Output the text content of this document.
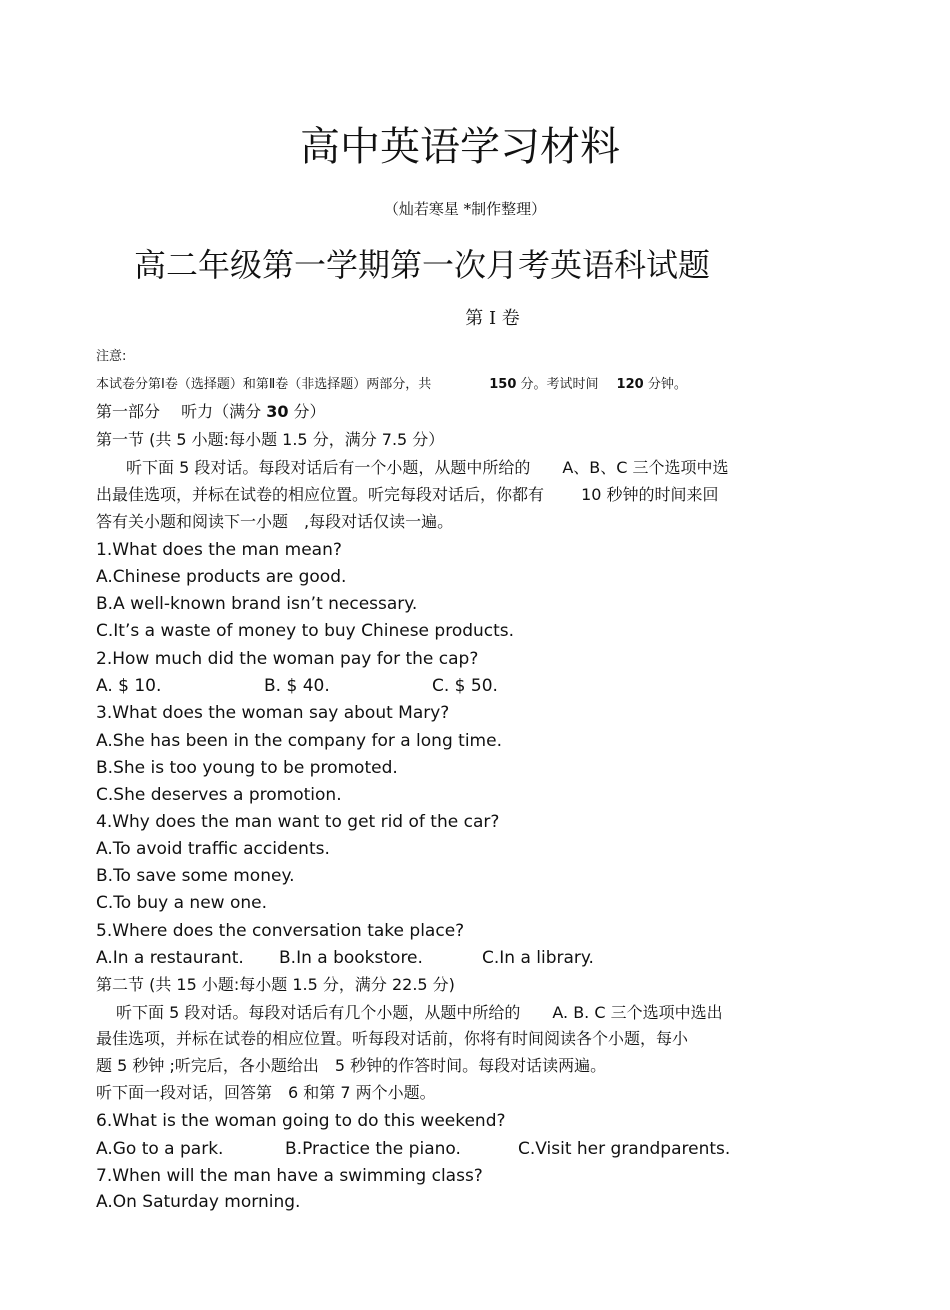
高中英语学习材料
（灿若寒星 *制作整理）
高二年级第一学期第一次月考英语科试题
第 Ⅰ 卷
注意:
本试卷分第Ⅰ卷（选择题）和第Ⅱ卷（非选择题）两部分，共	150 分。考试时间 120 分钟。
第一部分　 听力（满分 30 分）
第一节 (共 5 小题:每小题 1.5 分，满分 7.5 分）
听下面 5 段对话。每段对话后有一个小题，从题中所给的　　A、B、C 三个选项中选
出最佳选项，并标在试卷的相应位置。听完每段对话后，你都有　　 10 秒钟的时间来回
答有关小题和阅读下一小题　,每段对话仅读一遍。
1.What does the man mean?
A.Chinese products are good.
B.A well-known brand isn’t necessary.
C.It’s a waste of money to buy Chinese products.
2.How much did the woman pay for the cap?
A. $ 10.	B. $ 40.	C. $ 50.
3.What does the woman say about Mary?
A.She has been in the company for a long time.
B.She is too young to be promoted.
C.She deserves a promotion.
4.Why does the man want to get rid of the car?
A.To avoid traffic accidents.
B.To save some money.
C.To buy a new one.
5.Where does the conversation take place?
A.In a restaurant. B.In a bookstore.	C.In a library.
第二节 (共 15 小题:每小题 1.5 分，满分 22.5 分)
听下面 5 段对话。每段对话后有几个小题，从题中所给的　　A. B. C 三个选项中选出
最佳选项，并标在试卷的相应位置。听每段对话前，你将有时间阅读各个小题，每小
题 5 秒钟 ;听完后，各小题给出　5 秒钟的作答时间。每段对话读两遍。
听下面一段对话，回答第　6 和第 7 两个小题。
6.What is the woman going to do this weekend?
A.Go to a park.	B.Practice the piano.	C.Visit her grandparents.
7.When will the man have a swimming class?
A.On Saturday morning.
